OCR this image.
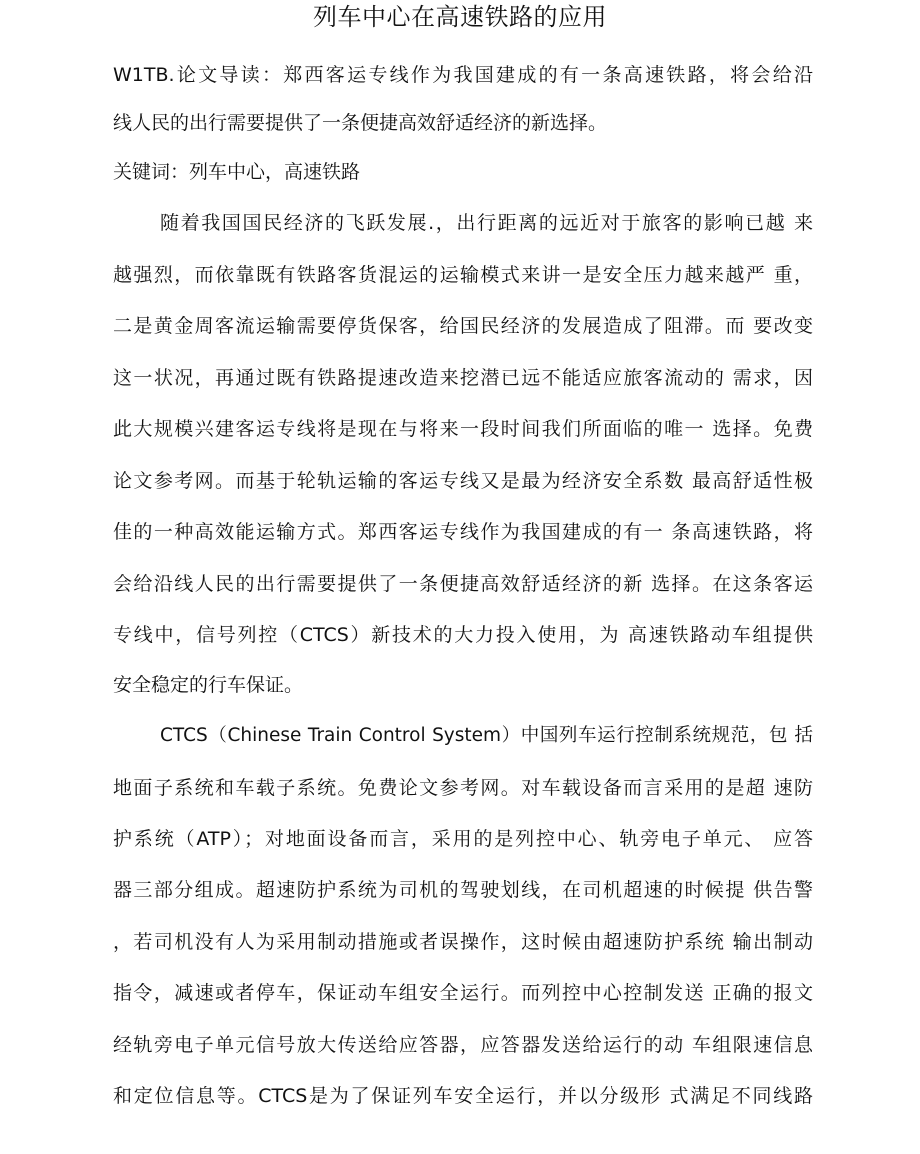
列车中心在高速铁路的应用
W1TB.论文导读：郑西客运专线作为我国建成的有一条高速铁路，将会给沿
线人民的出行需要提供了一条便捷高效舒适经济的新选择。
关键词：列车中心，高速铁路
随着我国国民经济的飞跃发展.，出行距离的远近对于旅客的影响已越 来
越强烈，而依靠既有铁路客货混运的运输模式来讲一是安全压力越来越严 重，
二是黄金周客流运输需要停货保客，给国民经济的发展造成了阻滞。而 要改变
这一状况，再通过既有铁路提速改造来挖潜已远不能适应旅客流动的 需求，因
此大规模兴建客运专线将是现在与将来一段时间我们所面临的唯一 选择。免费
论文参考网。而基于轮轨运输的客运专线又是最为经济安全系数 最高舒适性极
佳的一种高效能运输方式。郑西客运专线作为我国建成的有一 条高速铁路，将
会给沿线人民的出行需要提供了一条便捷高效舒适经济的新 选择。在这条客运
专线中，信号列控（CTCS）新技术的大力投入使用，为 高速铁路动车组提供
安全稳定的行车保证。
CTCS（Chinese Train Control System）中国列车运行控制系统规范，包 括
地面子系统和车载子系统。免费论文参考网。对车载设备而言采用的是超 速防
护系统（ATP）；对地面设备而言，采用的是列控中心、轨旁电子单元、 应答
器三部分组成。超速防护系统为司机的驾驶划线，在司机超速的时候提 供告警
，若司机没有人为采用制动措施或者误操作，这时候由超速防护系统 输出制动
指令，减速或者停车，保证动车组安全运行。而列控中心控制发送 正确的报文
经轨旁电子单元信号放大传送给应答器，应答器发送给运行的动 车组限速信息
和定位信息等。CTCS是为了保证列车安全运行，并以分级形 式满足不同线路
